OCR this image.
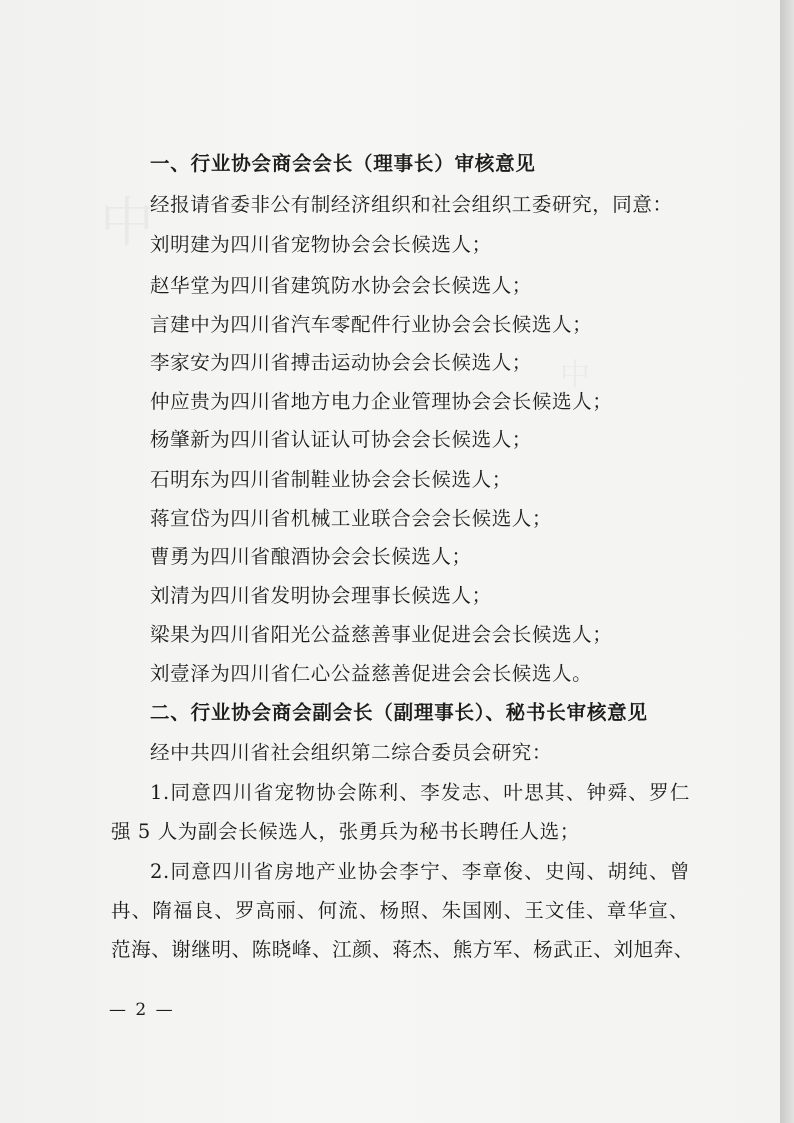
一、行业协会商会会长（理事长）审核意见
经报请省委非公有制经济组织和社会组织工委研究，同意：
刘明建为四川省宠物协会会长候选人；
赵华堂为四川省建筑防水协会会长候选人；
言建中为四川省汽车零配件行业协会会长候选人；
李家安为四川省搏击运动协会会长候选人；
仲应贵为四川省地方电力企业管理协会会长候选人；
杨肇新为四川省认证认可协会会长候选人；
石明东为四川省制鞋业协会会长候选人；
蒋宣岱为四川省机械工业联合会会长候选人；
曹勇为四川省酿酒协会会长候选人；
刘清为四川省发明协会理事长候选人；
梁果为四川省阳光公益慈善事业促进会会长候选人；
刘壹泽为四川省仁心公益慈善促进会会长候选人。
二、行业协会商会副会长（副理事长）、秘书长审核意见
经中共四川省社会组织第二综合委员会研究：
1.同意四川省宠物协会陈利、李发志、叶思其、钟舜、罗仁
强 5 人为副会长候选人，张勇兵为秘书长聘任人选；
2.同意四川省房地产业协会李宁、李章俊、史闯、胡纯、曾
冉、隋福良、罗高丽、何流、杨照、朱国刚、王文佳、章华宣、
范海、谢继明、陈晓峰、江颜、蒋杰、熊方军、杨武正、刘旭奔、
— 2 —
